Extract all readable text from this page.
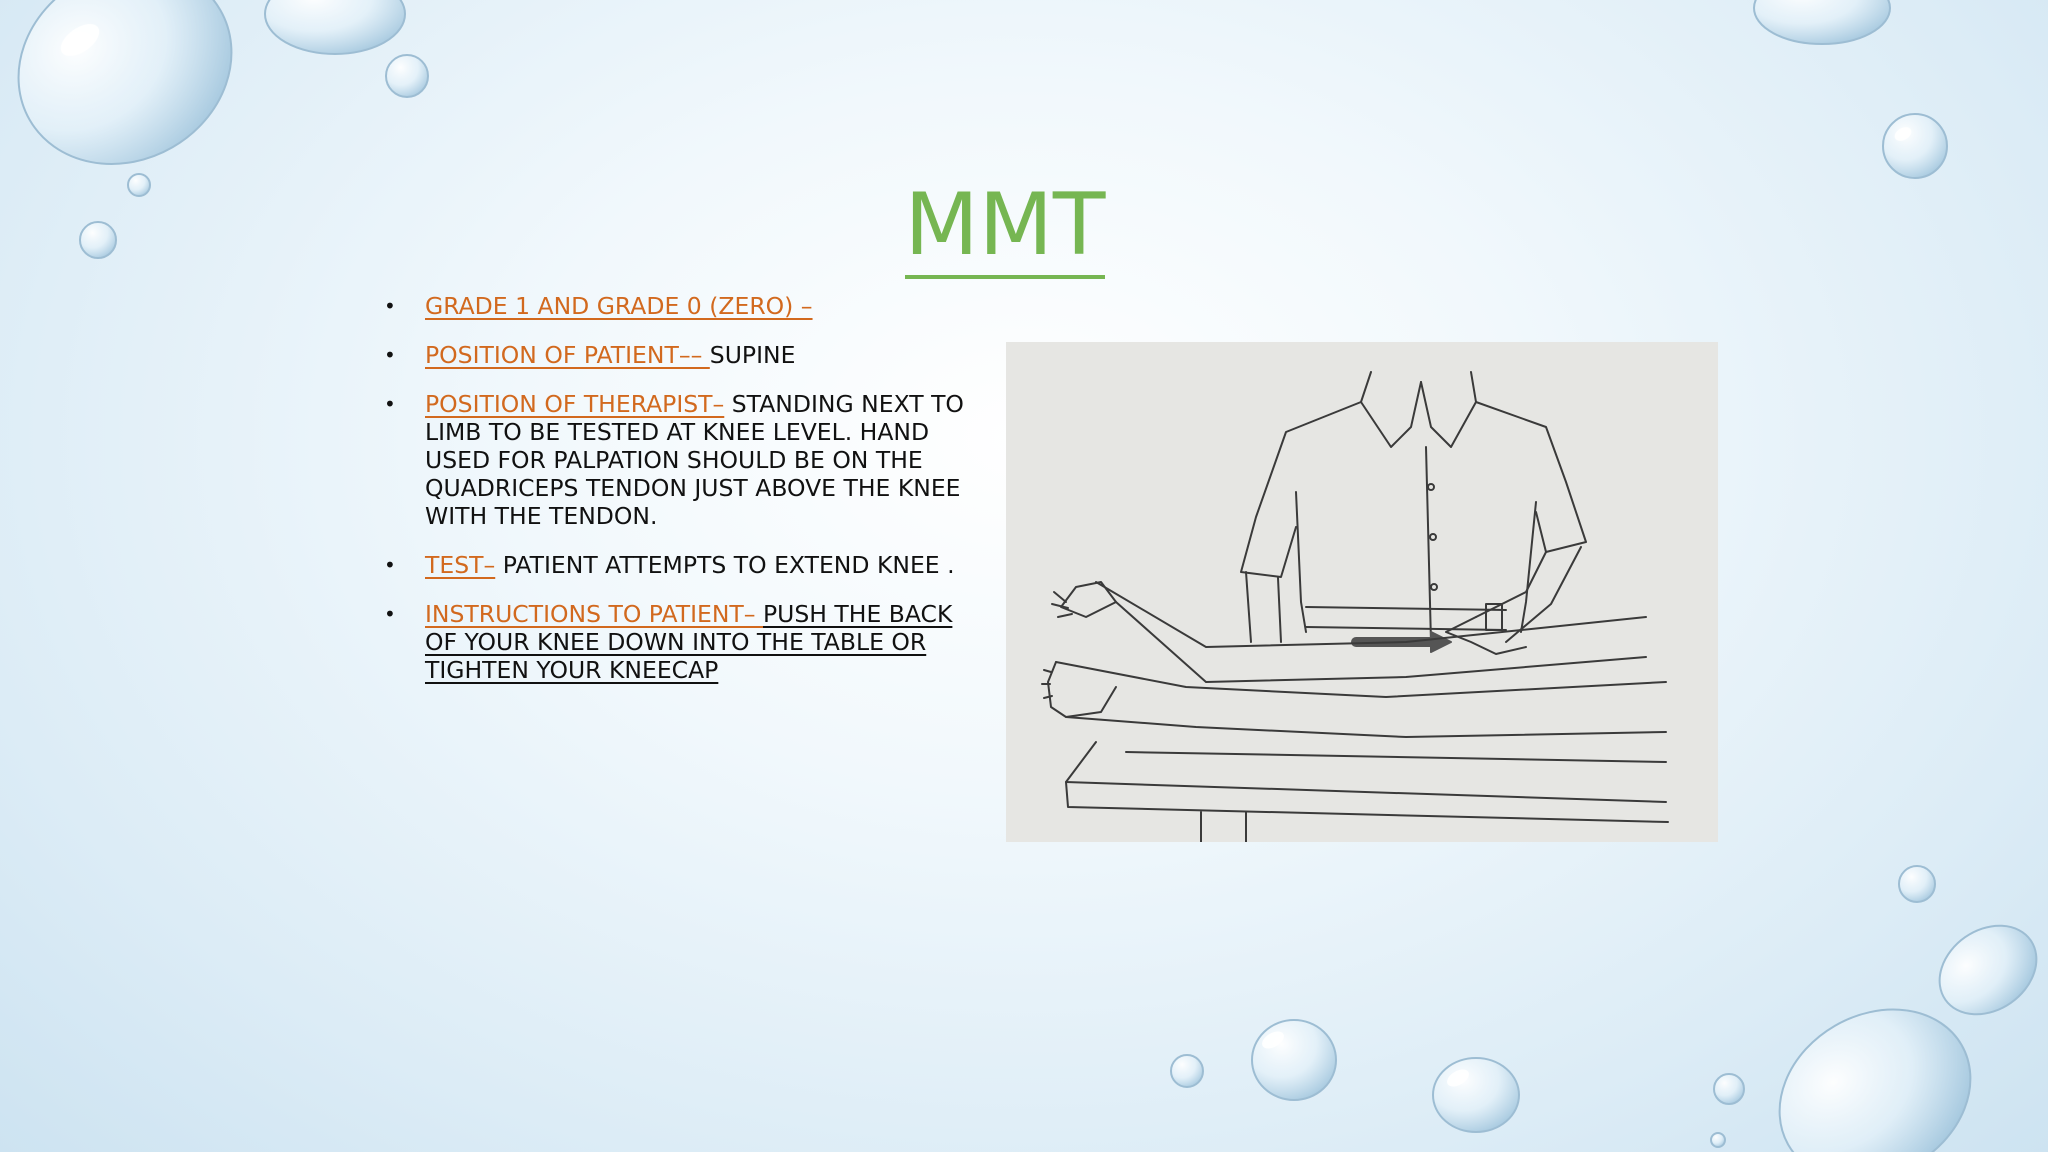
MMT
• GRADE 1 AND GRADE 0 (ZERO) –
• POSITION OF PATIENT–– SUPINE
• POSITION OF THERAPIST– STANDING NEXT TO LIMB TO BE TESTED AT KNEE LEVEL. HAND USED FOR PALPATION SHOULD BE ON THE QUADRICEPS TENDON JUST ABOVE THE KNEE WITH THE TENDON.
• TEST– PATIENT ATTEMPTS TO EXTEND KNEE .
• INSTRUCTIONS TO PATIENT– PUSH THE BACK OF YOUR KNEE DOWN INTO THE TABLE OR TIGHTEN YOUR KNEECAP
